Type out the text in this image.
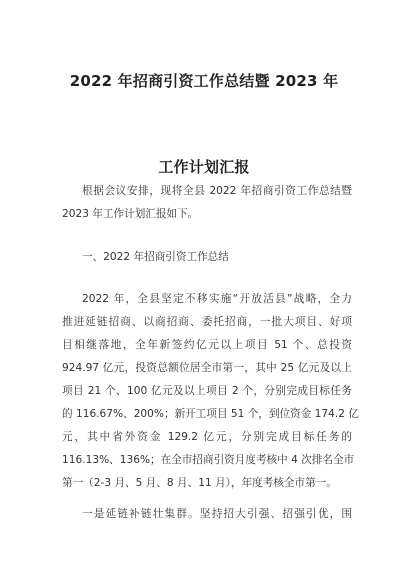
2022 年招商引资工作总结暨 2023 年
工作计划汇报
根据会议安排，现将全县 2022 年招商引资工作总结暨
2023 年工作计划汇报如下。
一、2022 年招商引资工作总结
2022 年，全县坚定不移实施“开放活县”战略，全力
推进延链招商、以商招商、委托招商，一批大项目、好项
目相继落地，全年新签约亿元以上项目 51 个、总投资
924.97 亿元，投资总额位居全市第一，其中 25 亿元及以上
项目 21 个、100 亿元及以上项目 2 个，分别完成目标任务
的 116.67%、200%；新开工项目 51 个，到位资金 174.2 亿
元，其中省外资金 129.2 亿元，分别完成目标任务的
116.13%、136%；在全市招商引资月度考核中 4 次排名全市
第一（2-3 月、5 月、8 月、11 月），年度考核全市第一。
一是延链补链壮集群。坚持招大引强、招强引优，围
